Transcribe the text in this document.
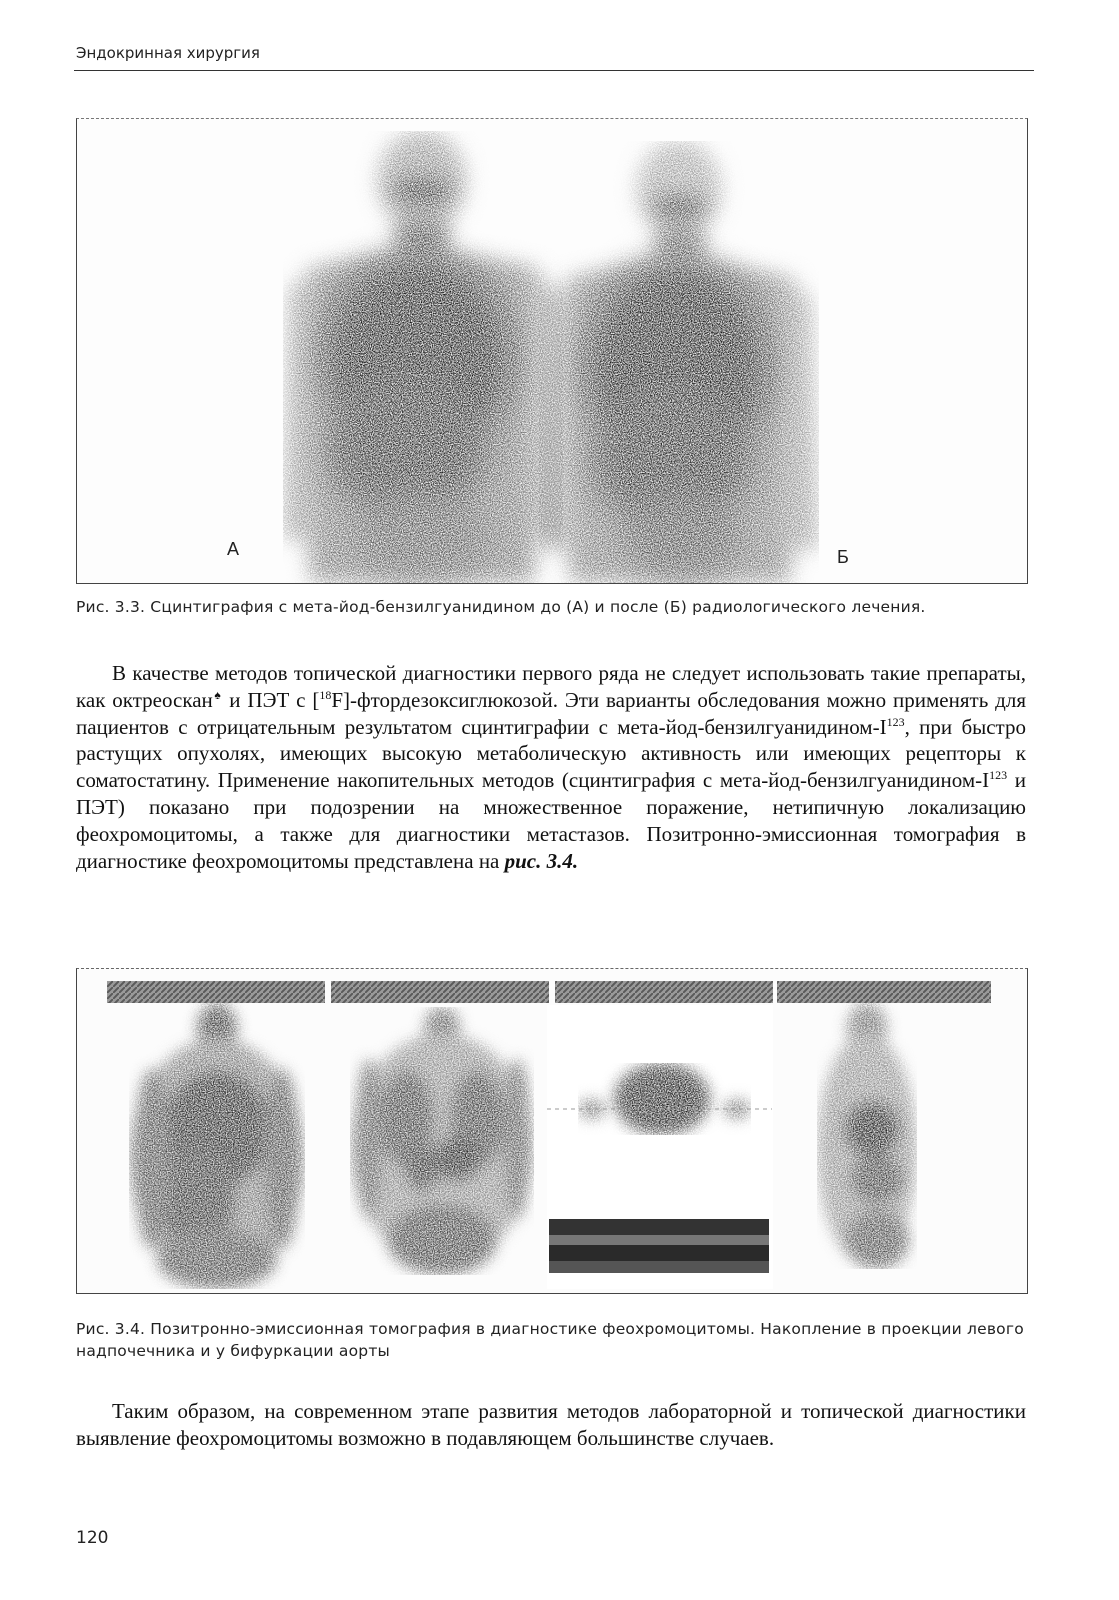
Эндокринная хирургия
А	Б
Рис. 3.3. Сцинтиграфия с мета-йод-бензилгуанидином до (А) и после (Б) радиологического лечения.

В качестве методов топической диагностики первого ряда не следует использовать такие препараты, как октреоскан♠ и ПЭТ с [$^{18}$F]-фтордезоксиглюкозой. Эти варианты обследования можно применять для пациентов с отрицательным результатом сцинтиграфии с мета-$йод-бензилгуанидином-I^{123}$, при быстро растущих опухолях, имеющих высокую метаболическую активность или имеющих рецепторы к соматостатину. Применение накопительных методов (сцинтиграфия с мета-$йод-бензилгуанидином-I^{123}$ и ПЭТ) показано при подозрении на множественное поражение, нетипичную локализацию феохромоцитомы, а также для диагностики метастазов. Позитронно-эмиссионная томография в диагностике феохромоцитомы представлена на рис. 3.4.

Рис. 3.4. Позитронно-эмиссионная томография в диагностике феохромоцитомы. Накопление в проекции левого надпочечника и у бифуркации аорты

Таким образом, на современном этапе развития методов лабораторной и топической диагностики выявление феохромоцитомы возможно в подавляющем большинстве случаев.

120
